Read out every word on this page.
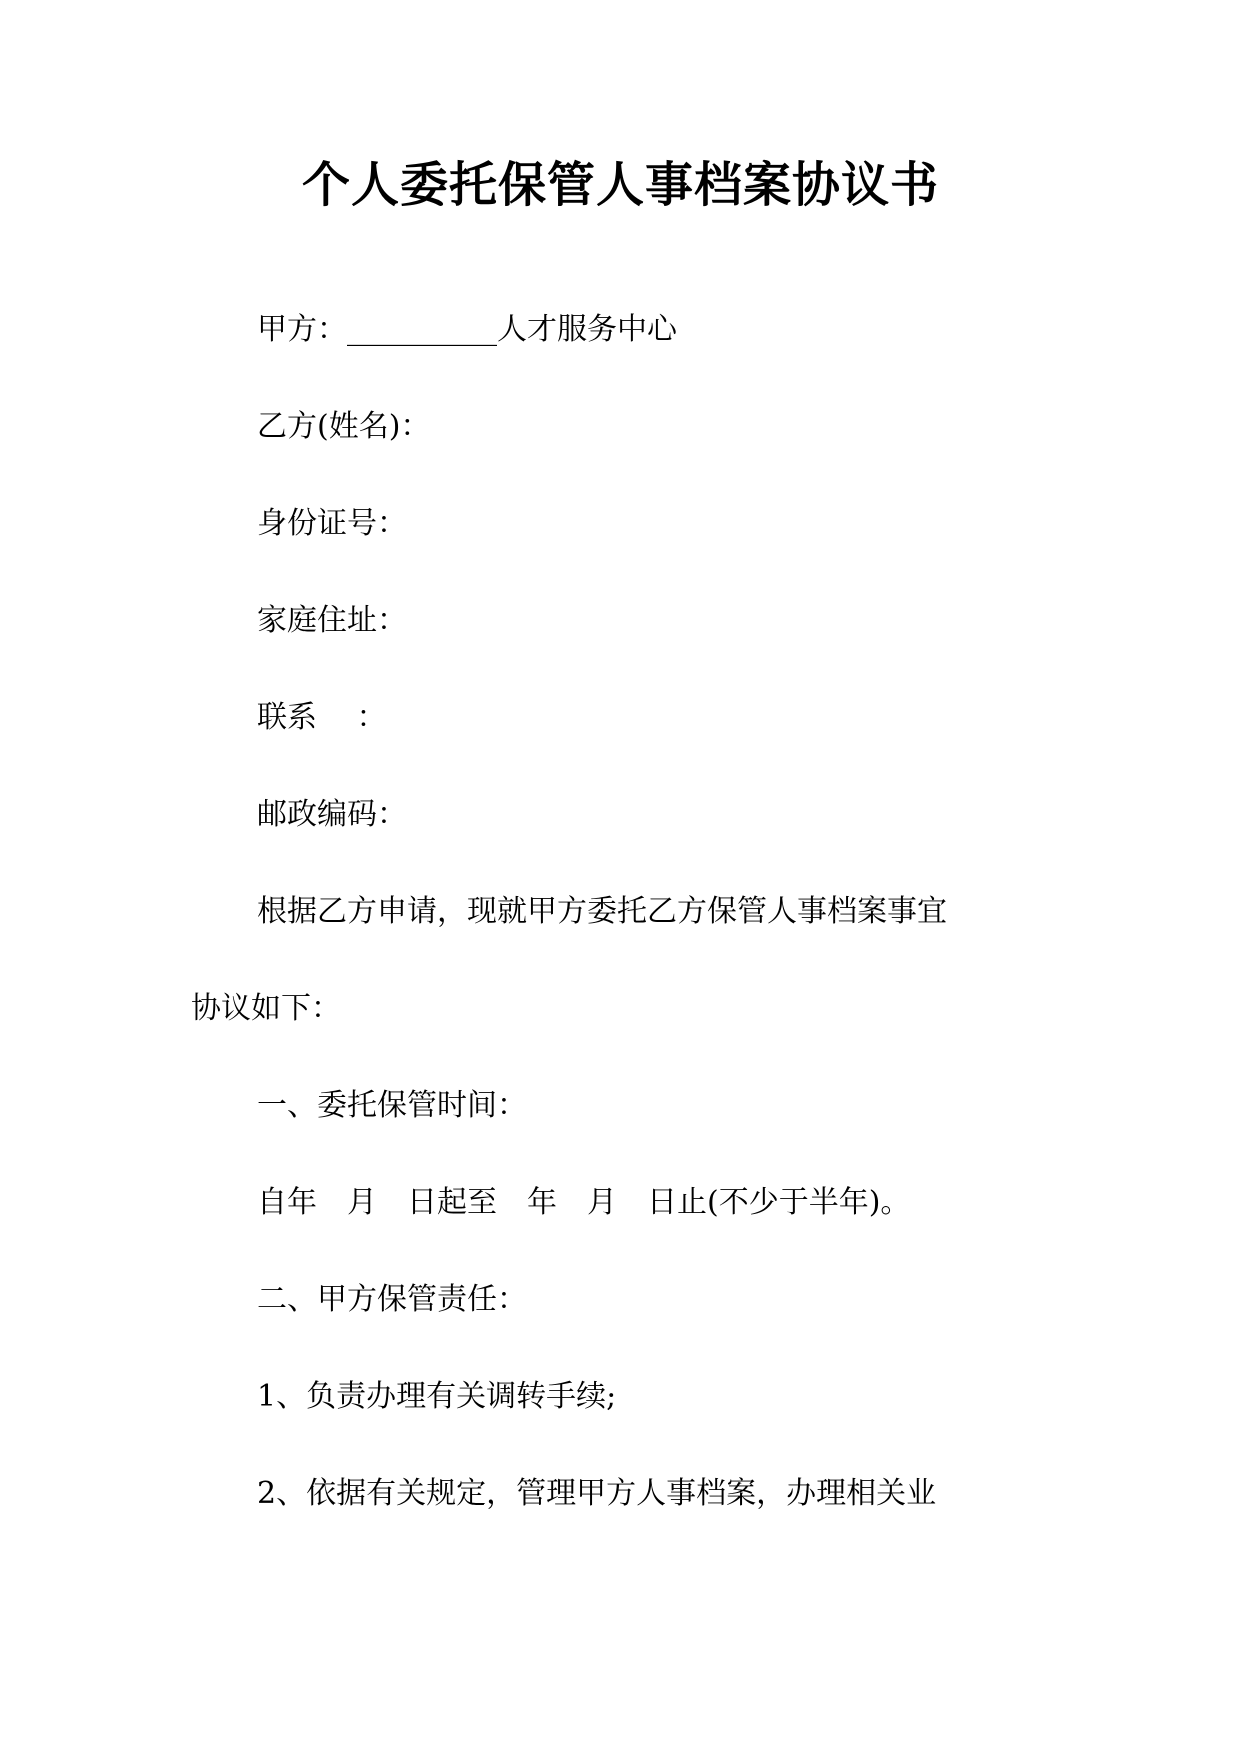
个人委托保管人事档案协议书
甲方：__________人才服务中心
乙方(姓名)：
身份证号：
家庭住址：
联系　 ：
邮政编码：
根据乙方申请，现就甲方委托乙方保管人事档案事宜
协议如下：
一、委托保管时间：
自年　月　日起至　年　月　日止(不少于半年)。
二、甲方保管责任：
1、负责办理有关调转手续;
2、依据有关规定，管理甲方人事档案，办理相关业
